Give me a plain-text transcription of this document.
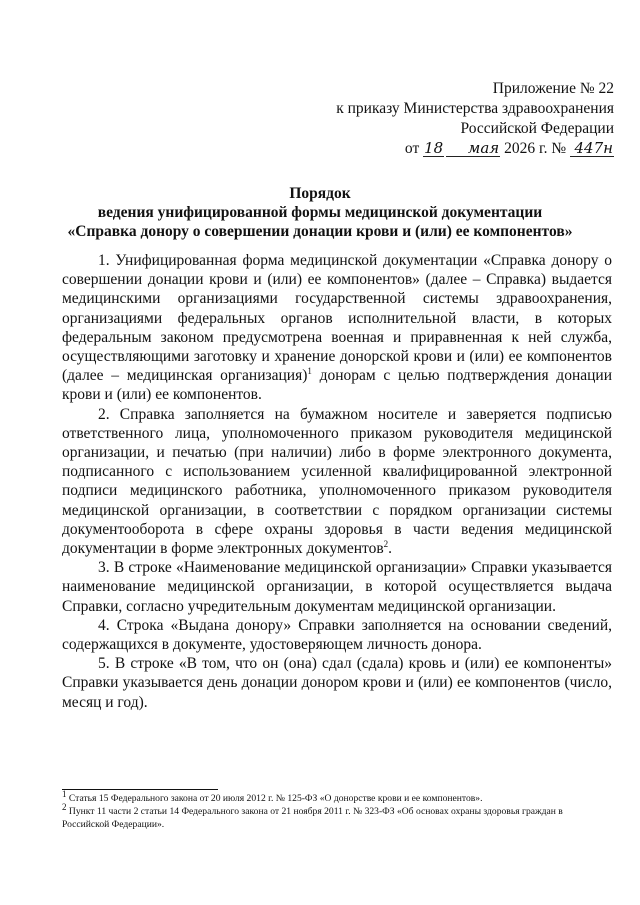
Приложение № 22
к приказу Министерства здравоохранения
Российской Федерации
от 18 мая 2026 г. № 447н
Порядок
ведения унифицированной формы медицинской документации
«Справка донору о совершении донации крови и (или) ее компонентов»

1. Унифицированная форма медицинской документации «Справка донору о совершении донации крови и (или) ее компонентов» (далее – Справка) выдается медицинскими организациями государственной системы здравоохранения, организациями федеральных органов исполнительной власти, в которых федеральным законом предусмотрена военная и приравненная к ней служба, осуществляющими заготовку и хранение донорской крови и (или) ее компонентов (далее – медицинская организация)$^1$ донорам с целью подтверждения донации крови и (или) ее компонентов.

2. Справка заполняется на бумажном носителе и заверяется подписью ответственного лица, уполномоченного приказом руководителя медицинской организации, и печатью (при наличии) либо в форме электронного документа, подписанного с использованием усиленной квалифицированной электронной подписи медицинского работника, уполномоченного приказом руководителя медицинской организации, в соответствии с порядком организации системы документооборота в сфере охраны здоровья в части ведения медицинской документации в форме электронных документов$^2$.

3. В строке «Наименование медицинской организации» Справки указывается наименование медицинской организации, в которой осуществляется выдача Справки, согласно учредительным документам медицинской организации.

4. Строка «Выдана донору» Справки заполняется на основании сведений, содержащихся в документе, удостоверяющем личность донора.

5. В строке «В том, что он (она) сдал (сдала) кровь и (или) ее компоненты» Справки указывается день донации донором крови и (или) ее компонентов (число, месяц и год).

$^1$ Статья 15 Федерального закона от 20 июля 2012 г. № 125-ФЗ «О донорстве крови и ее компонентов».

$^2$ Пункт 11 части 2 статьи 14 Федерального закона от 21 ноября 2011 г. № 323-ФЗ «Об основах охраны здоровья граждан в Российской Федерации».
